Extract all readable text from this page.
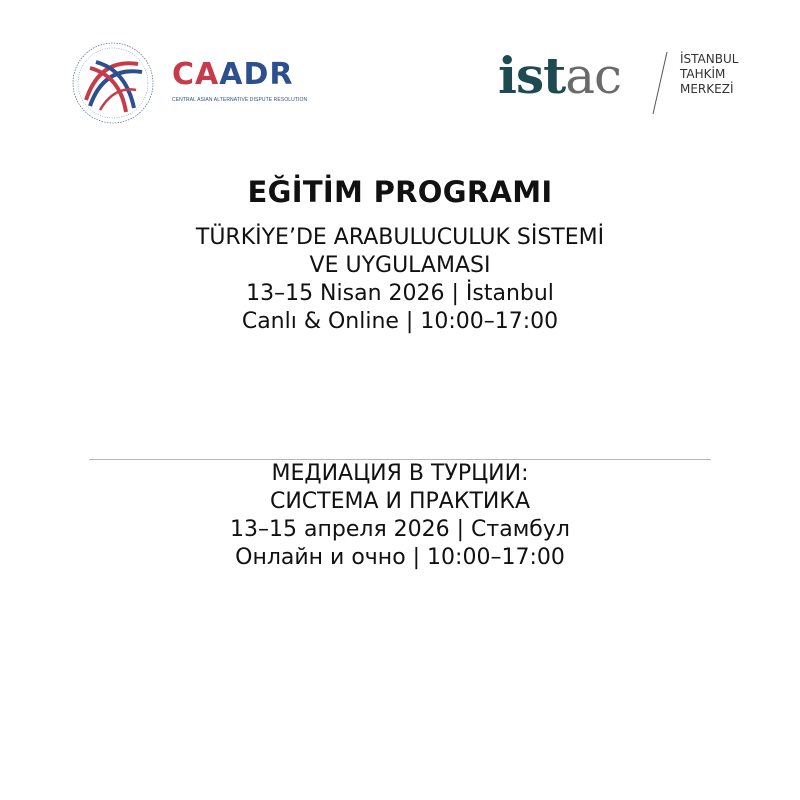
CAADR
CENTRAL ASIAN ALTERNATIVE DISPUTE RESOLUTION	istac	İSTANBUL
TAHKİM
MERKEZİ
EĞİTİM PROGRAMI
TÜRKİYE’DE ARABULUCULUK SİSTEMİ
VE UYGULAMASI
13–15 Nisan 2026 | İstanbul
Canlı & Online | 10:00–17:00
МЕДИАЦИЯ В ТУРЦИИ:
СИСТЕМА И ПРАКТИКА
13–15 апреля 2026 | Стамбул
Онлайн и очно | 10:00–17:00
